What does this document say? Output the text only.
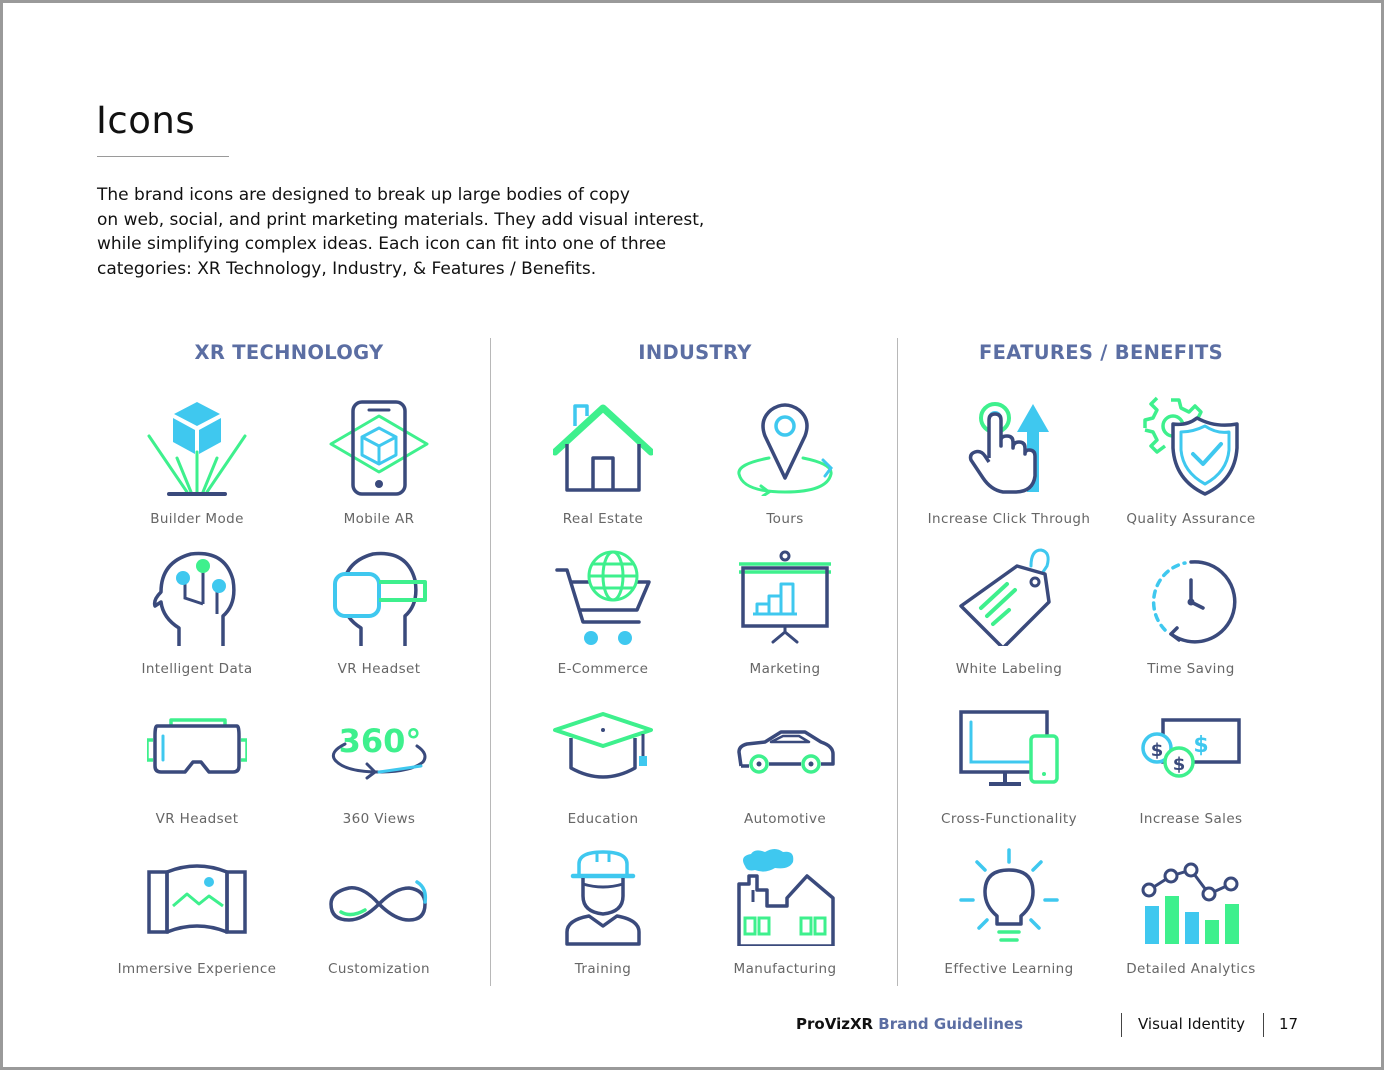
Icons
The brand icons are designed to break up large bodies of copy
on web, social, and print marketing materials. They add visual interest,
while simplifying complex ideas. Each icon can fit into one of three
categories: XR Technology, Industry, & Features / Benefits.
XR TECHNOLOGY	INDUSTRY	FEATURES / BENEFITS
Builder Mode	Mobile AR
Intelligent Data	VR Headset
VR Headset
360°
360 Views
Immersive Experience	Customization
Real Estate	Tours
E-Commerce	Marketing
Education	Automotive
Training	Manufacturing
Increase Click Through	Quality Assurance
White Labeling	Time Saving
Cross-Functionality
$
$
$
Increase Sales
Effective Learning	Detailed Analytics
ProVizXR Brand Guidelines	Visual Identity 17
